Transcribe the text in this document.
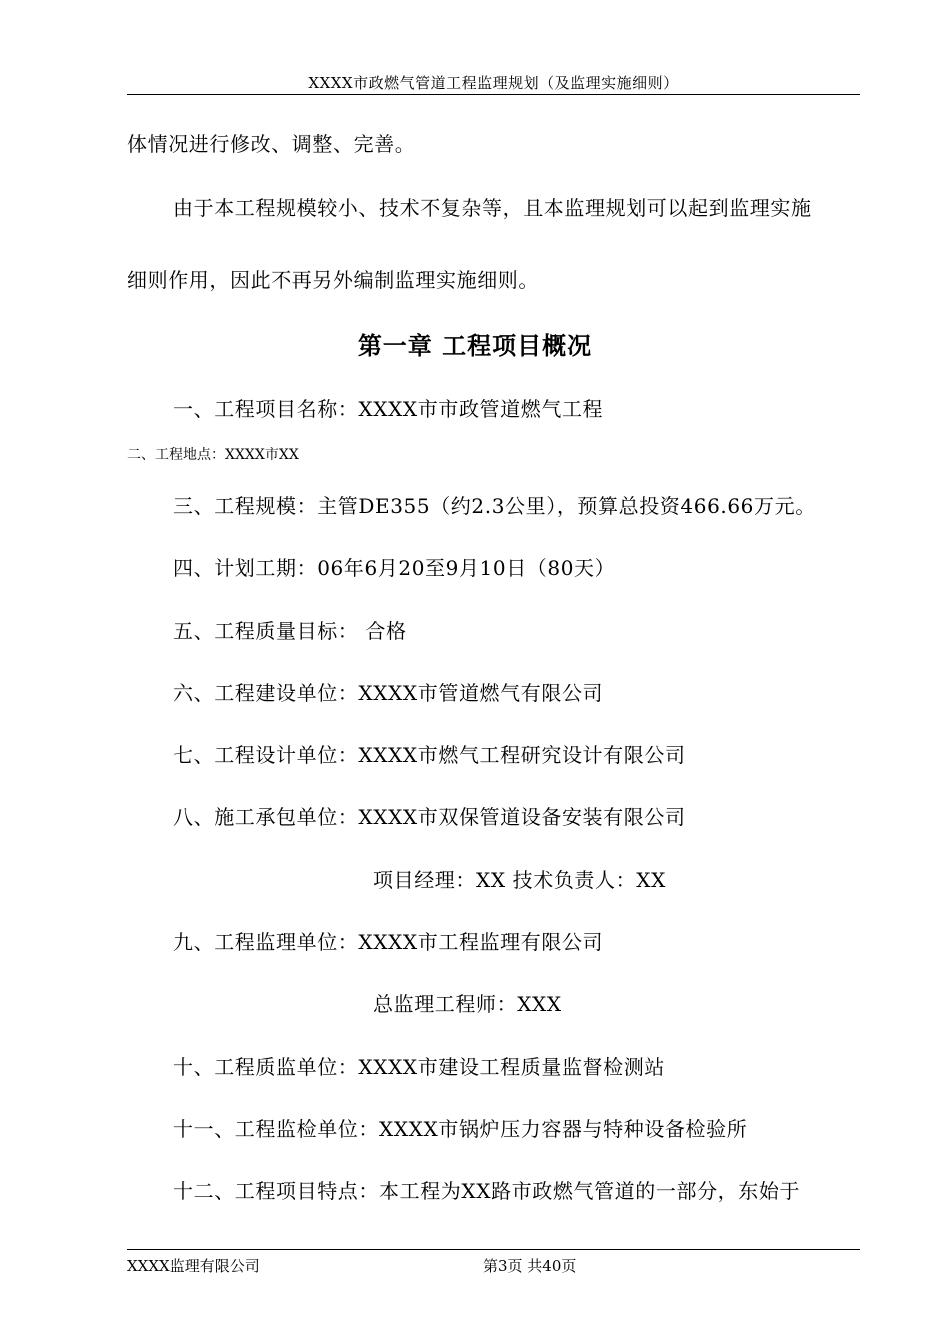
XXXX市政燃气管道工程监理规划（及监理实施细则）
体情况进行修改、调整、完善。
由于本工程规模较小、技术不复杂等，且本监理规划可以起到监理实施
细则作用，因此不再另外编制监理实施细则。
第一章 工程项目概况
一、工程项目名称：XXXX市市政管道燃气工程
二、工程地点：XXXX市XX
三、工程规模：主管DE355（约2.3公里），预算总投资466.66万元。
四、计划工期：06年6月20至9月10日（80天）
五、工程质量目标： 合格
六、工程建设单位：XXXX市管道燃气有限公司
七、工程设计单位：XXXX市燃气工程研究设计有限公司
八、施工承包单位：XXXX市双保管道设备安装有限公司
项目经理：XX 技术负责人：XX
九、工程监理单位：XXXX市工程监理有限公司
总监理工程师：XXX
十、工程质监单位：XXXX市建设工程质量监督检测站
十一、工程监检单位：XXXX市锅炉压力容器与特种设备检验所
十二、工程项目特点：本工程为XX路市政燃气管道的一部分，东始于
XXXX监理有限公司	第3页 共40页
